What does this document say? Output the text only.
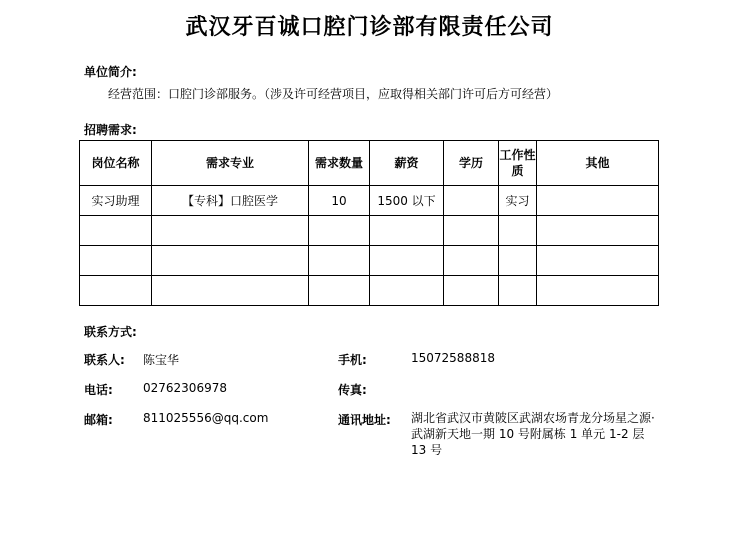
武汉牙百诚口腔门诊部有限责任公司
单位简介:
经营范围：口腔门诊部服务。（涉及许可经营项目，应取得相关部门许可后方可经营）
招聘需求:
岗位名称	需求专业	需求数量	薪资	学历	工作性质	其他
实习助理	【专科】口腔医学	10	1500 以下		实习	

联系方式:
联系人: 陈宝华	手机:	15072588818
电话:	02762306978	传真:
邮箱:	811025556@qq.com	通讯地址: 湖北省武汉市黄陂区武湖农场青龙分场星之源·武湖新天地一期 10 号附属栋 1 单元 1-2 层 13 号
